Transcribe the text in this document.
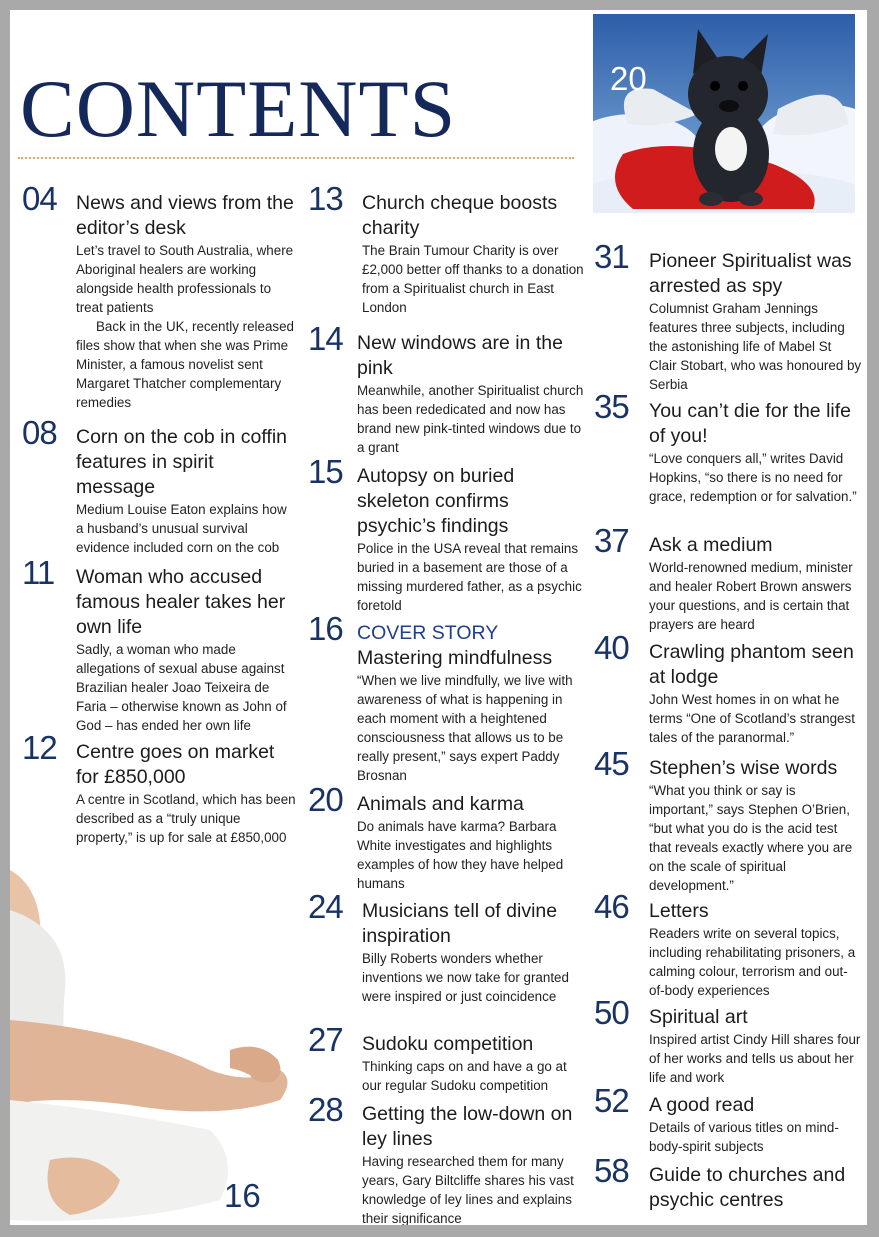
CONTENTS	20
16
04 News and views from the editor’s desk

Let’s travel to South Australia, where Aboriginal healers are working alongside health professionals to treat patients

Back in the UK, recently released files show that when she was Prime Minister, a famous novelist sent Margaret Thatcher complementary remedies

08 Corn on the cob in coffin features in spirit message

Medium Louise Eaton explains how a husband’s unusual survival evidence included corn on the cob

11 Woman who accused famous healer takes her own life

Sadly, a woman who made allegations of sexual abuse against Brazilian healer Joao Teixeira de Faria – otherwise known as John of God – has ended her own life

12 Centre goes on market for £850,000

A centre in Scotland, which has been described as a “truly unique property,” is up for sale at £850,000

13 Church cheque boosts charity

The Brain Tumour Charity is over £2,000 better off thanks to a donation from a Spiritualist church in East London

14 New windows are in the pink

Meanwhile, another Spiritualist church has been rededicated and now has brand new pink-tinted windows due to a grant

15 Autopsy on buried skeleton confirms psychic’s findings

Police in the USA reveal that remains buried in a basement are those of a missing murdered father, as a psychic foretold

16 COVER STORY

Mastering mindfulness

“When we live mindfully, we live with awareness of what is happening in each moment with a heightened consciousness that allows us to be really present,” says expert Paddy Brosnan

20 Animals and karma

Do animals have karma? Barbara White investigates and highlights examples of how they have helped humans

24 Musicians tell of divine inspiration

Billy Roberts wonders whether inventions we now take for granted were inspired or just coincidence

27 Sudoku competition

Thinking caps on and have a go at our regular Sudoku competition

28 Getting the low-down on ley lines

Having researched them for many years, Gary Biltcliffe shares his vast knowledge of ley lines and explains their significance

31 Pioneer Spiritualist was arrested as spy

Columnist Graham Jennings features three subjects, including the astonishing life of Mabel St Clair Stobart, who was honoured by Serbia

35 You can’t die for the life of you!

“Love conquers all,” writes David Hopkins, “so there is no need for grace, redemption or for salvation.”

37 Ask a medium

World-renowned medium, minister and healer Robert Brown answers your questions, and is certain that prayers are heard

40 Crawling phantom seen at lodge

John West homes in on what he terms “One of Scotland’s strangest tales of the paranormal.”

45 Stephen’s wise words

“What you think or say is important,” says Stephen O’Brien, “but what you do is the acid test that reveals exactly where you are on the scale of spiritual development.”

46 Letters

Readers write on several topics, including rehabilitating prisoners, a calming colour, terrorism and out-of-body experiences

50 Spiritual art

Inspired artist Cindy Hill shares four of her works and tells us about her life and work

52 A good read

Details of various titles on mind-body-spirit subjects

58 Guide to churches and psychic centres
